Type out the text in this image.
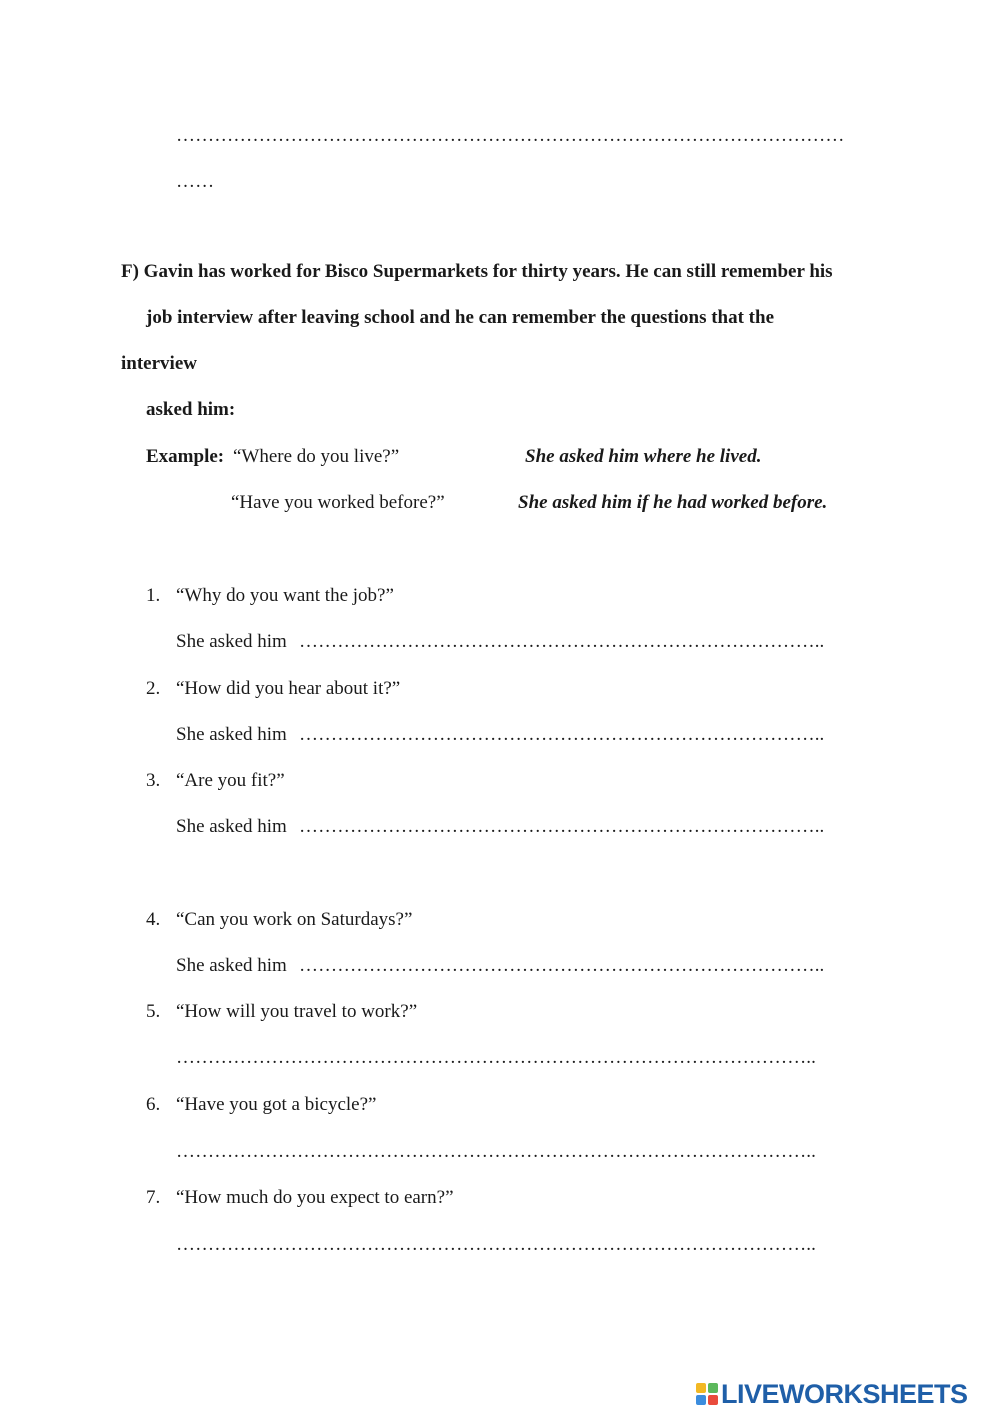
……………………………………………………………………………………………
……
F) Gavin has worked for Bisco Supermarkets for thirty years. He can still remember his
job interview after leaving school and he can remember the questions that the
interview
asked him:
Example: “Where do you live?”	She asked him where he lived.
“Have you worked before?”	She asked him if he had worked before.
1. “Why do you want the job?”
She asked him ………………………………………………………………………..
2. “How did you hear about it?”
She asked him ………………………………………………………………………..
3. “Are you fit?”
She asked him ………………………………………………………………………..
4. “Can you work on Saturdays?”
She asked him ………………………………………………………………………..
5. “How will you travel to work?”
………………………………………………………………………………………..
6. “Have you got a bicycle?”
………………………………………………………………………………………..
7. “How much do you expect to earn?”
………………………………………………………………………………………..
LIVEWORKSHEETS
